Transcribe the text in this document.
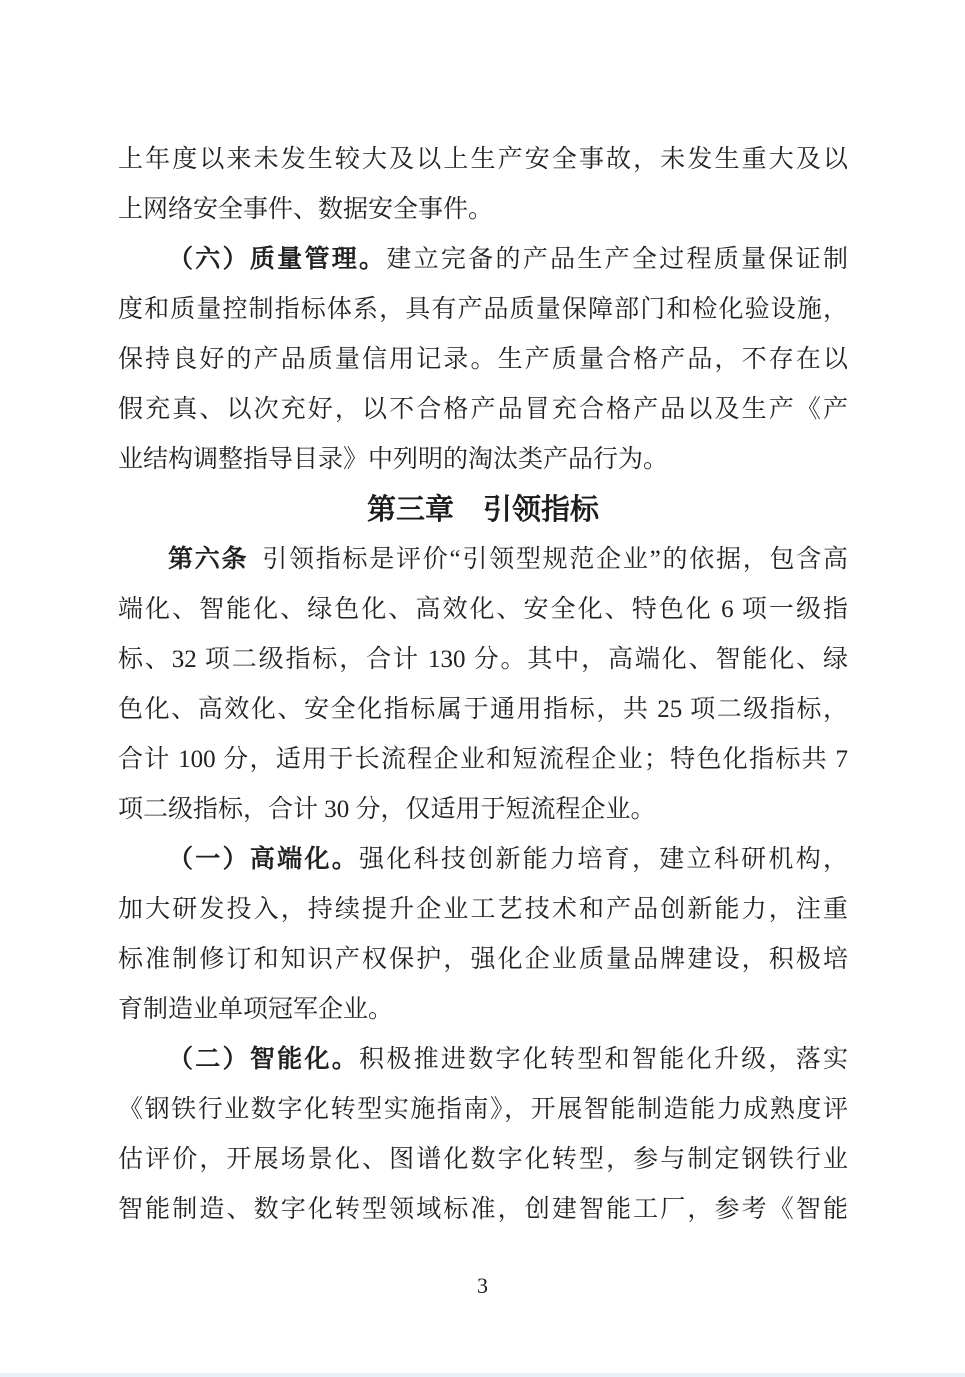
上年度以来未发生较大及以上生产安全事故，未发生重大及以
上网络安全事件、数据安全事件。
（六）质量管理。建立完备的产品生产全过程质量保证制
度和质量控制指标体系，具有产品质量保障部门和检化验设施，
保持良好的产品质量信用记录。生产质量合格产品，不存在以
假充真、以次充好，以不合格产品冒充合格产品以及生产《产
业结构调整指导目录》中列明的淘汰类产品行为。
第三章　引领指标
第六条 引领指标是评价“引领型规范企业”的依据，包含高
端化、智能化、绿色化、高效化、安全化、特色化 6 项一级指
标、32 项二级指标，合计 130 分。其中，高端化、智能化、绿
色化、高效化、安全化指标属于通用指标，共 25 项二级指标，
合计 100 分，适用于长流程企业和短流程企业；特色化指标共 7
项二级指标，合计 30 分，仅适用于短流程企业。
（一）高端化。强化科技创新能力培育，建立科研机构，
加大研发投入，持续提升企业工艺技术和产品创新能力，注重
标准制修订和知识产权保护，强化企业质量品牌建设，积极培
育制造业单项冠军企业。
（二）智能化。积极推进数字化转型和智能化升级，落实
《钢铁行业数字化转型实施指南》，开展智能制造能力成熟度评
估评价，开展场景化、图谱化数字化转型，参与制定钢铁行业
智能制造、数字化转型领域标准，创建智能工厂，参考《智能
3
